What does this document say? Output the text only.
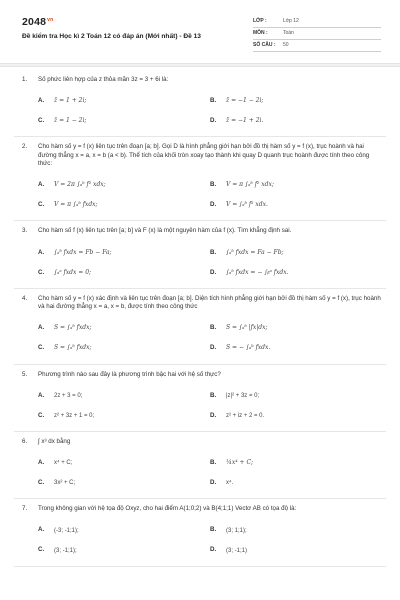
$2048^{vn}$
Đề kiểm tra Học kì 2 Toán 12 có đáp án (Mới nhất) - Đề 13
LỚP :	Lớp 12
MÔN :	Toán
SỐ CÂU :	50
1. Số phức liên hợp của z thỏa mãn 3z = 3 + 6i là:
A.	z̄ = 1 + 2i;	B.	z̄ = −1 − 2i;
C.	z̄ = 1 − 2i;	D.	z̄ = −1 + 2i.
2. Cho hàm số y = f (x) liên tục trên đoạn [a; b]. Gọi D là hình phẳng giới hạn bởi đồ thị hàm số y = f (x), trục hoành và hai đường thẳng x = a, x = b (a < b). Thể tích của khối tròn xoay tạo thành khi quay D quanh trục hoành được tính theo công thức:
A.	V = 2π ∫ₐᵇ f² xdx;	B.	V = π ∫ₐᵇ f² xdx;
C.	V = π ∫ₐᵇ fxdx;	D.	V = ∫ₐᵇ f² xdx.
3. Cho hàm số f (x) liên tục trên [a; b] và F (x) là một nguyên hàm của f (x). Tìm khẳng định sai.
A.	∫ₐᵇ fxdx = Fb − Fa;	B.	∫ₐᵇ fxdx = Fa − Fb;
C.	∫ₐᵃ fxdx = 0;	D.	∫ₐᵇ fxdx = − ∫ᵦᵃ fxdx.
4. Cho hàm số y = f (x) xác định và liên tục trên đoạn [a; b]. Diện tích hình phẳng giới hạn bởi đồ thị hàm số y = f (x), trục hoành và hai đường thẳng x = a, x = b, được tính theo công thức
A.	S = ∫ₐᵇ fxdx;	B.	S = ∫ₐᵇ |fx|dx;
C.	S = ∫ₐᵇ fxdx;	D.	S = − ∫ₐᵇ fxdx.
5. Phương trình nào sau đây là phương trình bậc hai với hệ số thực?
A.	2z + 3 = 0;	B.	|z|² + 3z = 0;
C.	z² + 3z + 1 = 0;	D.	z² + iz + 2 = 0.
6. ∫ x³ dx bằng
A.	x⁴ + C;	B.	¼x⁴ + C;
C.	3x² + C;	D.	x⁴.
7. Trong không gian với hệ tọa độ Oxyz, cho hai điểm A(1;0;2) và B(4;1;1) Vectơ AB có tọa độ là:
A.	(-3; -1;1);	B.	(3; 1;1);
C.	(3; -1;1);	D.	(3; -1;1)
